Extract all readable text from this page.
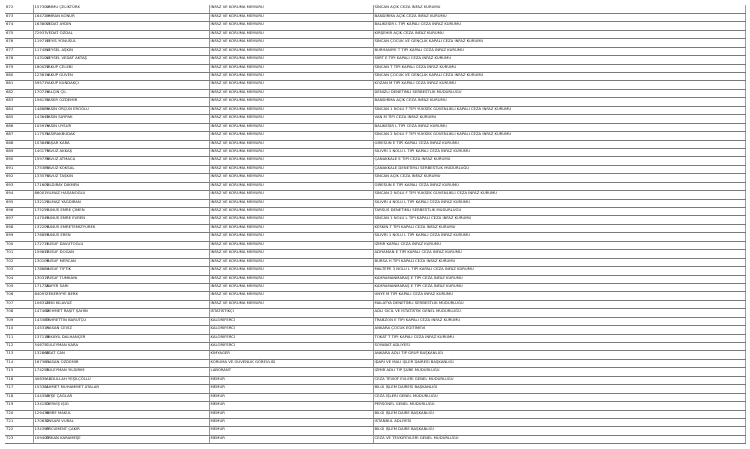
672	157300	UMMU ÇELİKTÜRK	İNFAZ VE KORUMA MEMURU	SİNCAN AÇIK CEZA İNFAZ KURUMU
673	164729	UMRAN KONUR	İNFAZ VE KORUMA MEMURU	BANDIRMA AÇIK CEZA İNFAZ KURUMU
674	163803	VEDAT AYDIN	İNFAZ VE KORUMA MEMURU	BALIKESİR L TİPİ KAPALI CEZA İNFAZ KURUMU
675	72937	VEDAT ÖZDAL	İNFAZ VE KORUMA MEMURU	KIRŞEHİR AÇIK CEZA İNFAZ KURUMU
676	119715	VEYİS YONUSUL	İNFAZ VE KORUMA MEMURU	SİNCAN ÇOCUK VE GENÇLİK KAPALI CEZA İNFAZ KURUMU
677	117450	VEYSEL AŞKIN	İNFAZ VE KORUMA MEMURU	BURHANİYE T TİPİ KAPALI CEZA İNFAZ KURUMU
678	143100	VEYSEL VEDAT AKTAŞ	İNFAZ VE KORUMA MEMURU	SİİRT E TİPİ KAPALI CEZA İNFAZ KURUMU
679	180027	YAKUP ÇELEBİ	İNFAZ VE KORUMA MEMURU	SİNCAN T TİPİ KAPALI CEZA İNFAZ KURUMU
680	123614	YAKUP GÜVEN	İNFAZ VE KORUMA MEMURU	SİNCAN ÇOCUK VE GENÇLİK KAPALI CEZA İNFAZ KURUMU
681	59571	YAKUP KUNDAKÇI	İNFAZ VE KORUMA MEMURU	KOZAN M TİPİ KAPALI CEZA İNFAZ KURUMU
682	170716	YALÇIN ÇİL	İNFAZ VE KORUMA MEMURU	DENİZLİ DENETİMLİ SERBESTLİK MÜDÜRLÜĞÜ
683	156130	YASER ÖZDEMİR	İNFAZ VE KORUMA MEMURU	BANDIRMA AÇIK CEZA İNFAZ KURUMU
684	148889	YASİN ORÇUN EROĞLU	İNFAZ VE KORUMA MEMURU	SİNCAN 1 NOLU F TİPİ YÜKSEK GÜVENLİKLİ KAPALI CEZA İNFAZ KURUMU
685	143642	YASİN SAYPAK	İNFAZ VE KORUMA MEMURU	VAN M TİPİ CEZA İNFAZ KURUMU
686	105919	YASİN UYSUR	İNFAZ VE KORUMA MEMURU	BALIKESİR L TİPİ CEZA İNFAZ KURUMU
687	117531	YASİRAKBUDAK	İNFAZ VE KORUMA MEMURU	SİNCAN 2 NOLU F TİPİ YÜKSEK GÜVENLİKLİ KAPALI CEZA İNFAZ KURUMU
688	103846	YAŞAR KARA	İNFAZ VE KORUMA MEMURU	GİRESUN E TİPİ KAPALI CEZA İNFAZ KURUMU
689	140175	YAVUZ AKKAŞ	İNFAZ VE KORUMA MEMURU	SİLİVRİ 1 NOLU L TİPİ KAPALI CEZA İNFAZ KURUMU
690	159738	YAVUZ ATMACA	İNFAZ VE KORUMA MEMURU	ÇANAKKALE E TİPİ CEZA İNFAZ KURUMU
691	175380	YAVUZ KOKSAL	İNFAZ VE KORUMA MEMURU	ÇANAKKALE DENETİMLİ SERBESTLİK MÜDÜRLÜĞÜ
692	133570	YAVUZ TAŞKIN	İNFAZ VE KORUMA MEMURU	SİNCAN AÇIK CEZA İNFAZ KURUMU
693	171602	YILDIRAY DİKMEN	İNFAZ VE KORUMA MEMURU	GİRESUN E TİPİ KAPALI CEZA İNFAZ KURUMU
694	86001	YILMAZ HASANOĞLU	İNFAZ VE KORUMA MEMURU	SİNCAN 2 NOLU F TİPİ YÜKSEK GÜVENLİKLİ CEZA İNFAZ KURUMU
695	132120	YILMAZ YAĞDIRAN	İNFAZ VE KORUMA MEMURU	SİLİVRİ 4 NOLU L TİPİ KAPALI CEZA İNFAZ KURUMU
696	175250	YUNUS EMRE ÇİMEN	İNFAZ VE KORUMA MEMURU	TARSUS DENETİMLİ SERBESTLİK MÜDÜRLÜĞÜ
697	147049	YUNUS EMRE EVREN	İNFAZ VE KORUMA MEMURU	SİNCAN 1 NOLU L TİPİ KAPALI CEZA İNFAZ KURUMU
698	132206	YUNUS EMRETEMİZYÜREK	İNFAZ VE KORUMA MEMURU	KESKİN T TİPİ KAPALI CEZA İNFAZ KURUMU
699	176859	YUNUS EREN	İNFAZ VE KORUMA MEMURU	SİLİVRİ 1 NOLU L TİPİ KAPALI CEZA İNFAZ KURUMU
700	172711	YUSUF DAVUTOĞLU	İNFAZ VE KORUMA MEMURU	İZMİR KAPALI CEZA İNFAZ KURUMU
701	159842	YUSUF DOĞAN	İNFAZ VE KORUMA MEMURU	ADIYAMAN E TİPİ KAPALI CEZA İNFAZ KURUMU
702	130108	YUSUF MERCAN	İNFAZ VE KORUMA MEMURU	BURSA H TİPİ KAPALI CEZA İNFAZ KURUMU
703	178884	YUSUF TİFTİK	İNFAZ VE KORUMA MEMURU	MALTEPE 3 NOLU L TİPİ KAPALI CEZA İNFAZ KURUMU
704	130317	YUSUF TUMKAYA	İNFAZ VE KORUMA MEMURU	KAHRAMANMARAŞ E TİPİ CEZA İNFAZ KURUMU
705	171738	ZAFER SARI	İNFAZ VE KORUMA MEMURU	KAHRAMANMARAŞ E TİPİ CEZA İNFAZ KURUMU
706	84097	ZEKERİYYE BERK	İNFAZ VE KORUMA MEMURU	ÜNYE M TİPİ KAPALI CEZA İNFAZ KURUMU
707	106310	ZEKİ KILAVUZ	İNFAZ VE KORUMA MEMURU	MALATYA DENETİMLİ SERBESTLİK MÜDÜRLÜĞÜ
708	147462	MEHMET RAŞİT ŞAHİN	İSTATİSTİKÇİ	ADLİ SİCİL VE İSTATİSTİK GENEL MÜDÜRLÜĞÜ
709	143387	FAHRETTİN BARUTÇU	KALORİFERCİ	TRABZON E TİPİ KAPALI CEZA İNFAZ KURUMU
710	145315	HASAN CEVİZ	KALORİFERCİ	ANKARA ÇOCUK EĞİTİMEVİ
711	137115	MİKAYİL DALHANÇER	KALORİFERCİ	TOKAT T TİPİ KAPALI CEZA İNFAZ KURUMU
712	54675	SÜLEYMAN KARA	KALORİFERCİ	SOYABAT ADLİYESİ
713	132868	ESAT CAN	KİMYAGER	ANKARA ADLİ TIP GRUP BAŞKANLIĞI
714	167363	HASAN ÖZDEMİR	KORUMA VE GÜVENLİK GÖREVLİSİ	İDARİ VE MALİ İŞLER DAİRESİ BAŞKANLIĞI
715	174255	SÜLEYMAN YILDIRIM	LABORANT	İZMİR ADLİ TIP ŞUBE MÜDÜRLÜĞÜ
716	40639	ABDULLAH YEŞİLÇÖLLÜ	MEMUR	CEZA TEVKİF EVLERİ GENEL MÜDÜRLÜĞÜ
717	153381	AHMET MUHAMMET ATALAR	MEMUR	BİLGİ İŞLEM DAİRESİ BAŞKANLIĞI
718	144353	AYŞE ÇAĞLAR	MEMUR	CEZA İŞLERİ GENEL MÜDÜRLÜĞÜ
719	134153	DERVİŞ IŞIĞ	MEMUR	PERSONEL GENEL MÜDÜRLÜĞÜ
720	129436	EMRE MAKUL	MEMUR	BİLGİ İŞLEM DAİRE BAŞKANLIĞI
721	170632	ENSARİ VURAL	MEMUR	İSTANBUL ADLİYESİ
722	134399	ERCÜMENT ÇAKIR	MEMUR	BİLGİ İŞLEM DAİRE BAŞKANLIĞI
723	109403	ERKAN KARAMEŞE	MEMUR	CEZA VE TEVKİFEVLERİ GENEL MÜDÜRLÜĞÜ
